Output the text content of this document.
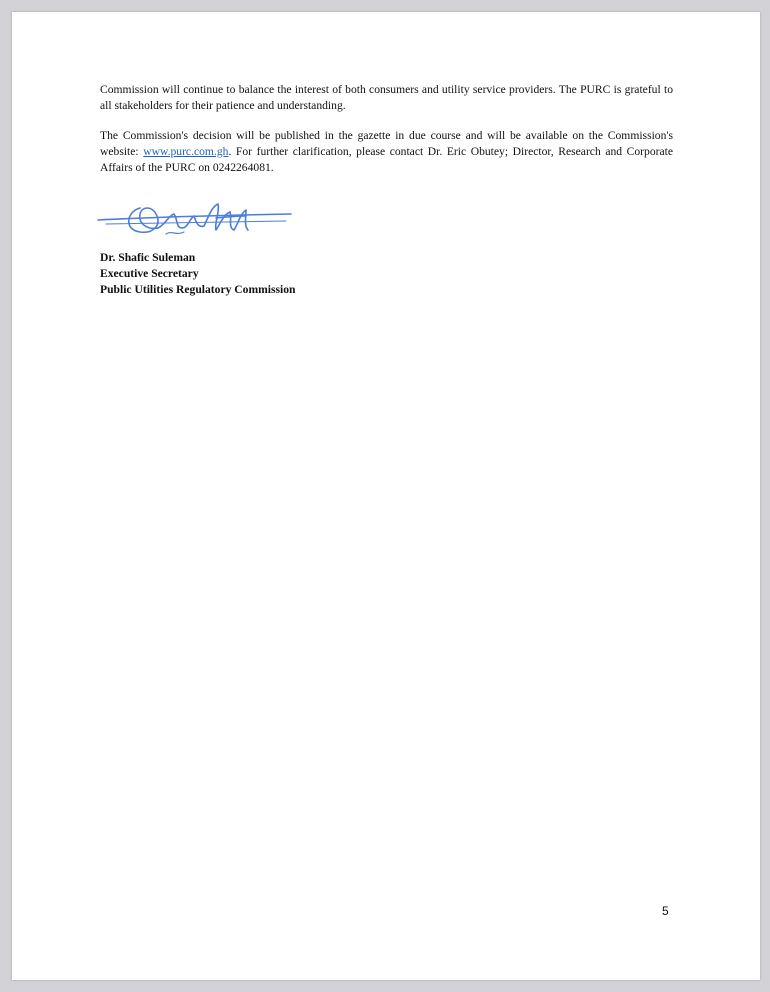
Commission will continue to balance the interest of both consumers and utility service providers. The PURC is grateful to all stakeholders for their patience and understanding.

The Commission's decision will be published in the gazette in due course and will be available on the Commission's website: www.purc.com.gh. For further clarification, please contact Dr. Eric Obutey; Director, Research and Corporate Affairs of the PURC on 0242264081.

Dr. Shafic Suleman
Executive Secretary
Public Utilities Regulatory Commission
5
